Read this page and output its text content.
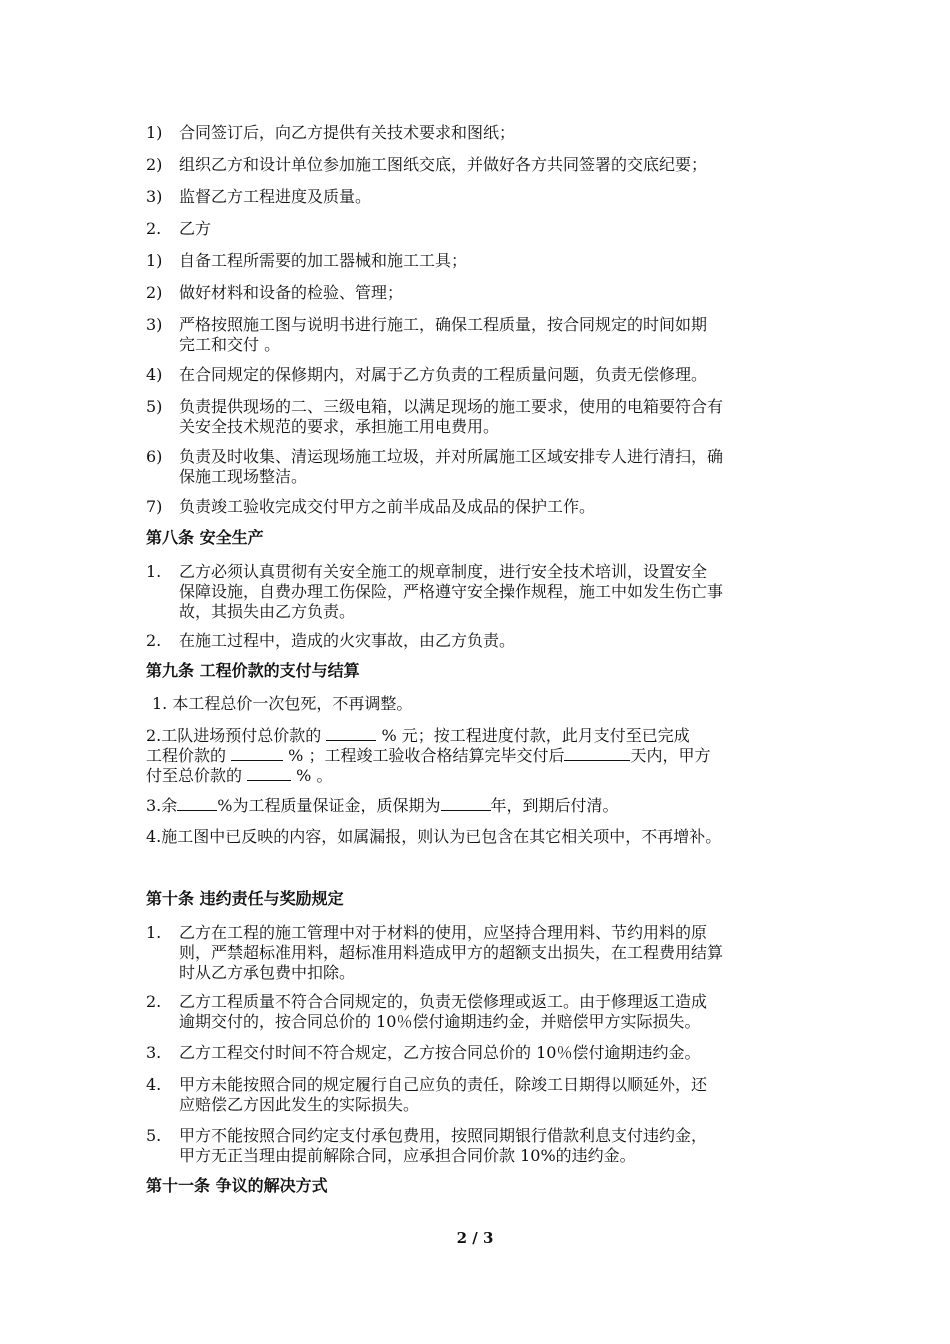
1) 合同签订后，向乙方提供有关技术要求和图纸；
2) 组织乙方和设计单位参加施工图纸交底，并做好各方共同签署的交底纪要；
3) 监督乙方工程进度及质量。
2. 乙方
1) 自备工程所需要的加工器械和施工工具；
2) 做好材料和设备的检验、管理；
3) 严格按照施工图与说明书进行施工，确保工程质量，按合同规定的时间如期
完工和交付 。
4) 在合同规定的保修期内，对属于乙方负责的工程质量问题，负责无偿修理。
5) 负责提供现场的二、三级电箱，以满足现场的施工要求，使用的电箱要符合有
关安全技术规范的要求，承担施工用电费用。
6) 负责及时收集、清运现场施工垃圾，并对所属施工区域安排专人进行清扫，确
保施工现场整洁。
7) 负责竣工验收完成交付甲方之前半成品及成品的保护工作。
第八条 安全生产
1. 乙方必须认真贯彻有关安全施工的规章制度，进行安全技术培训，设置安全
保障设施，自费办理工伤保险，严格遵守安全操作规程，施工中如发生伤亡事
故，其损失由乙方负责。
2. 在施工过程中，造成的火灾事故，由乙方负责。
第九条 工程价款的支付与结算
1. 本工程总价一次包死，不再调整。
2.工队进场预付总价款的	% 元；按工程进度付款，此月支付至已完成
工程价款的	% ；工程竣工验收合格结算完毕交付后	天内，甲方
付至总价款的	% 。
3.余	%为工程质量保证金，质保期为	年，到期后付清。
4.施工图中已反映的内容，如属漏报，则认为已包含在其它相关项中，不再增补。
第十条 违约责任与奖励规定
1. 乙方在工程的施工管理中对于材料的使用，应坚持合理用料、节约用料的原
则，严禁超标准用料，超标准用料造成甲方的超额支出损失，在工程费用结算
时从乙方承包费中扣除。
2. 乙方工程质量不符合合同规定的，负责无偿修理或返工。由于修理返工造成
逾期交付的，按合同总价的 10％偿付逾期违约金，并赔偿甲方实际损失。
3. 乙方工程交付时间不符合规定，乙方按合同总价的 10％偿付逾期违约金。
4. 甲方未能按照合同的规定履行自己应负的责任，除竣工日期得以顺延外，还
应赔偿乙方因此发生的实际损失。
5. 甲方不能按照合同约定支付承包费用，按照同期银行借款利息支付违约金，
甲方无正当理由提前解除合同，应承担合同价款 10%的违约金。
第十一条 争议的解决方式
2 / 3
